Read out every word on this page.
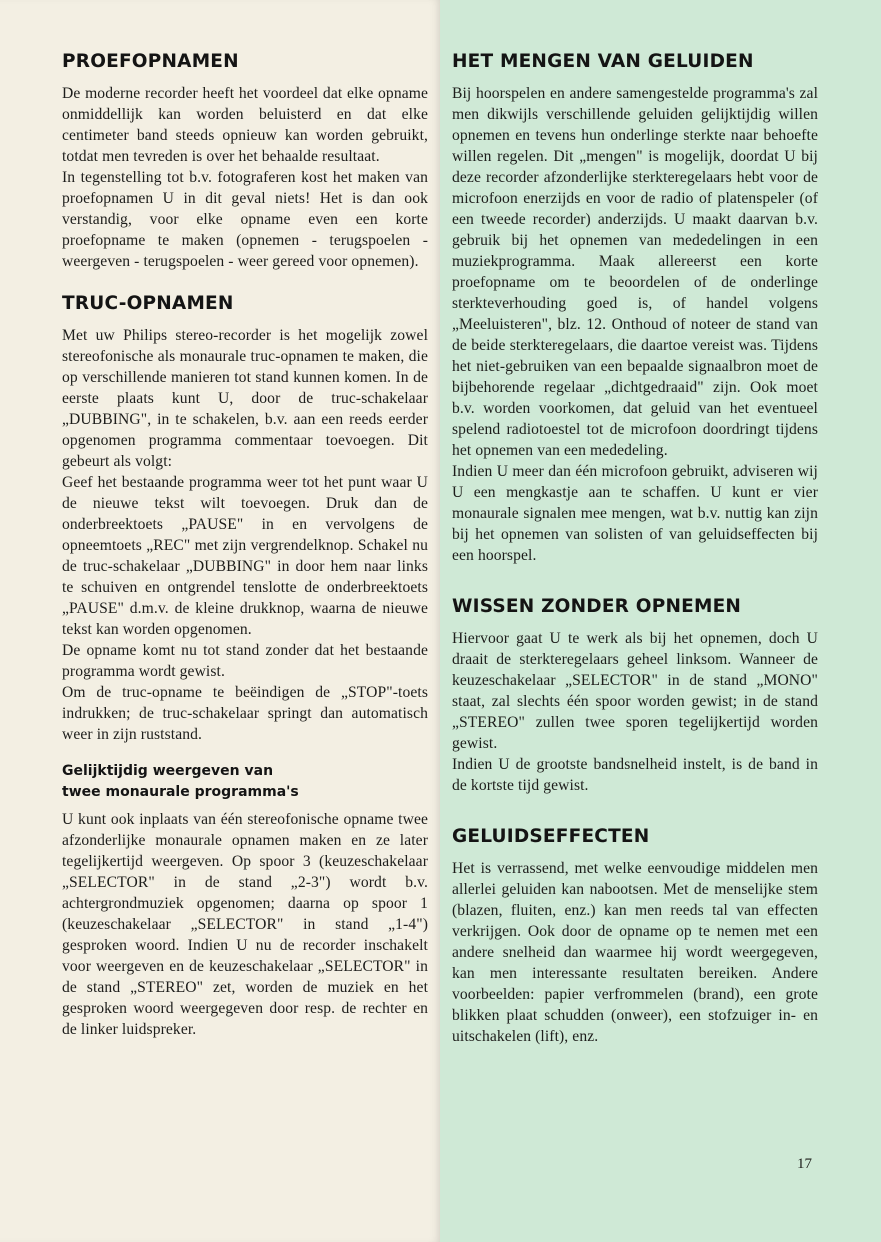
PROEFOPNAMEN

De moderne recorder heeft het voordeel dat elke opname onmiddellijk kan worden beluisterd en dat elke centimeter band steeds opnieuw kan worden gebruikt, totdat men tevreden is over het behaalde resultaat.

In tegenstelling tot b.v. fotograferen kost het maken van proefopnamen U in dit geval niets! Het is dan ook verstandig, voor elke opname even een korte proefopname te maken (opnemen - terugspoelen - weergeven - terugspoelen - weer gereed voor opnemen).

TRUC-OPNAMEN

Met uw Philips stereo-recorder is het mogelijk zowel stereofonische als monaurale truc-opnamen te maken, die op verschillende manieren tot stand kunnen komen. In de eerste plaats kunt U, door de truc-schakelaar „DUBBING", in te schakelen, b.v. aan een reeds eerder opgenomen programma commentaar toevoegen. Dit gebeurt als volgt:

Geef het bestaande programma weer tot het punt waar U de nieuwe tekst wilt toevoegen. Druk dan de onderbreektoets „PAUSE" in en vervolgens de opneemtoets „REC" met zijn vergrendelknop. Schakel nu de truc-schakelaar „DUBBING" in door hem naar links te schuiven en ontgrendel tenslotte de onderbreektoets „PAUSE" d.m.v. de kleine drukknop, waarna de nieuwe tekst kan worden opgenomen.

De opname komt nu tot stand zonder dat het bestaande programma wordt gewist.

Om de truc-opname te beëindigen de „STOP"-toets indrukken; de truc-schakelaar springt dan automatisch weer in zijn ruststand.

Gelijktijdig weergeven van
twee monaurale programma's

U kunt ook inplaats van één stereofonische opname twee afzonderlijke monaurale opnamen maken en ze later tegelijkertijd weergeven. Op spoor 3 (keuzeschakelaar „SELECTOR" in de stand „2-3") wordt b.v. achtergrondmuziek opgenomen; daarna op spoor 1 (keuzeschakelaar „SELECTOR" in stand „1-4") gesproken woord. Indien U nu de recorder inschakelt voor weergeven en de keuzeschakelaar „SELECTOR" in de stand „STEREO" zet, worden de muziek en het gesproken woord weergegeven door resp. de rechter en de linker luidspreker.

HET MENGEN VAN GELUIDEN

Bij hoorspelen en andere samengestelde programma's zal men dikwijls verschillende geluiden gelijktijdig willen opnemen en tevens hun onderlinge sterkte naar behoefte willen regelen. Dit „mengen" is mogelijk, doordat U bij deze recorder afzonderlijke sterkteregelaars hebt voor de microfoon enerzijds en voor de radio of platenspeler (of een tweede recorder) anderzijds. U maakt daarvan b.v. gebruik bij het opnemen van mededelingen in een muziekprogramma. Maak allereerst een korte proefopname om te beoordelen of de onderlinge sterkteverhouding goed is, of handel volgens „Meeluisteren", blz. 12. Onthoud of noteer de stand van de beide sterkteregelaars, die daartoe vereist was. Tijdens het niet-gebruiken van een bepaalde signaalbron moet de bijbehorende regelaar „dichtgedraaid" zijn. Ook moet b.v. worden voorkomen, dat geluid van het eventueel spelend radiotoestel tot de microfoon doordringt tijdens het opnemen van een mededeling.

Indien U meer dan één microfoon gebruikt, adviseren wij U een mengkastje aan te schaffen. U kunt er vier monaurale signalen mee mengen, wat b.v. nuttig kan zijn bij het opnemen van solisten of van geluidseffecten bij een hoorspel.

WISSEN ZONDER OPNEMEN

Hiervoor gaat U te werk als bij het opnemen, doch U draait de sterkteregelaars geheel linksom. Wanneer de keuzeschakelaar „SELECTOR" in de stand „MONO" staat, zal slechts één spoor worden gewist; in de stand „STEREO" zullen twee sporen tegelijkertijd worden gewist.

Indien U de grootste bandsnelheid instelt, is de band in de kortste tijd gewist.

GELUIDSEFFECTEN

Het is verrassend, met welke eenvoudige middelen men allerlei geluiden kan nabootsen. Met de menselijke stem (blazen, fluiten, enz.) kan men reeds tal van effecten verkrijgen. Ook door de opname op te nemen met een andere snelheid dan waarmee hij wordt weergegeven, kan men interessante resultaten bereiken. Andere voorbeelden: papier verfrommelen (brand), een grote blikken plaat schudden (onweer), een stofzuiger in- en uitschakelen (lift), enz.

17
